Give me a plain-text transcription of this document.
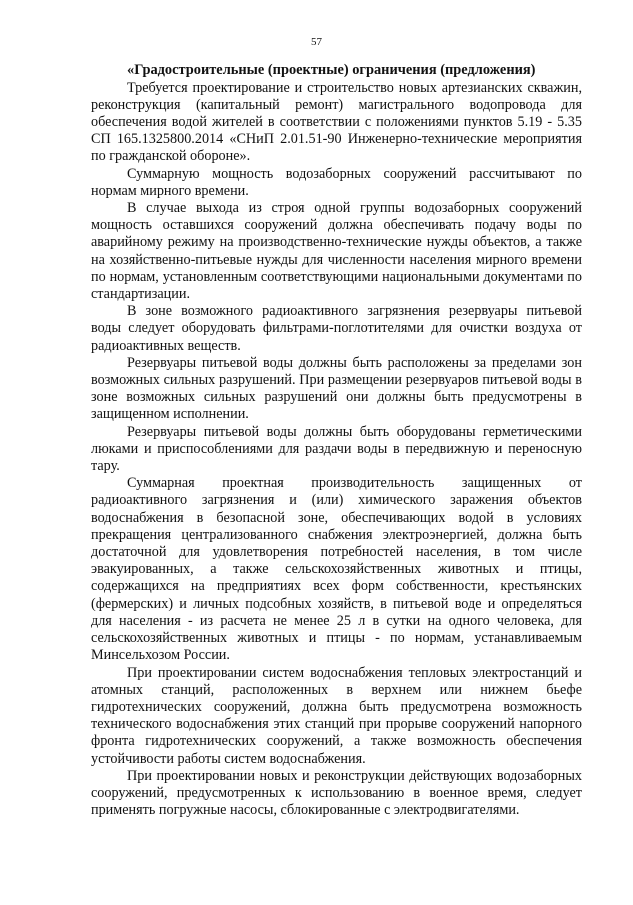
57

«Градостроительные (проектные) ограничения (предложения)

Требуется проектирование и строительство новых артезианских скважин, реконструкция (капитальный ремонт) магистрального водопровода для обеспечения водой жителей в соответствии с положениями пунктов 5.19 - 5.35 СП 165.1325800.2014 «СНиП 2.01.51-90 Инженерно-технические мероприятия по гражданской обороне».

Суммарную мощность водозаборных сооружений рассчитывают по нормам мирного времени.

В случае выхода из строя одной группы водозаборных сооружений мощность оставшихся сооружений должна обеспечивать подачу воды по аварийному режиму на производственно-технические нужды объектов, а также на хозяйственно-питьевые нужды для численности населения мирного времени по нормам, установленным соответствующими национальными документами по стандартизации.

В зоне возможного радиоактивного загрязнения резервуары питьевой воды следует оборудовать фильтрами-поглотителями для очистки воздуха от радиоактивных веществ.

Резервуары питьевой воды должны быть расположены за пределами зон возможных сильных разрушений. При размещении резервуаров питьевой воды в зоне возможных сильных разрушений они должны быть предусмотрены в защищенном исполнении.

Резервуары питьевой воды должны быть оборудованы герметическими люками и приспособлениями для раздачи воды в передвижную и переносную тару.

Суммарная проектная производительность защищенных от радиоактивного загрязнения и (или) химического заражения объектов водоснабжения в безопасной зоне, обеспечивающих водой в условиях прекращения централизованного снабжения электроэнергией, должна быть достаточной для удовлетворения потребностей населения, в том числе эвакуированных, а также сельскохозяйственных животных и птицы, содержащихся на предприятиях всех форм собственности, крестьянских (фермерских) и личных подсобных хозяйств, в питьевой воде и определяться для населения - из расчета не менее 25 л в сутки на одного человека, для сельскохозяйственных животных и птицы - по нормам, устанавливаемым Минсельхозом России.

При проектировании систем водоснабжения тепловых электростанций и атомных станций, расположенных в верхнем или нижнем бьефе гидротехнических сооружений, должна быть предусмотрена возможность технического водоснабжения этих станций при прорыве сооружений напорного фронта гидротехнических сооружений, а также возможность обеспечения устойчивости работы систем водоснабжения.

При проектировании новых и реконструкции действующих водозаборных сооружений, предусмотренных к использованию в военное время, следует применять погружные насосы, сблокированные с электродвигателями.
